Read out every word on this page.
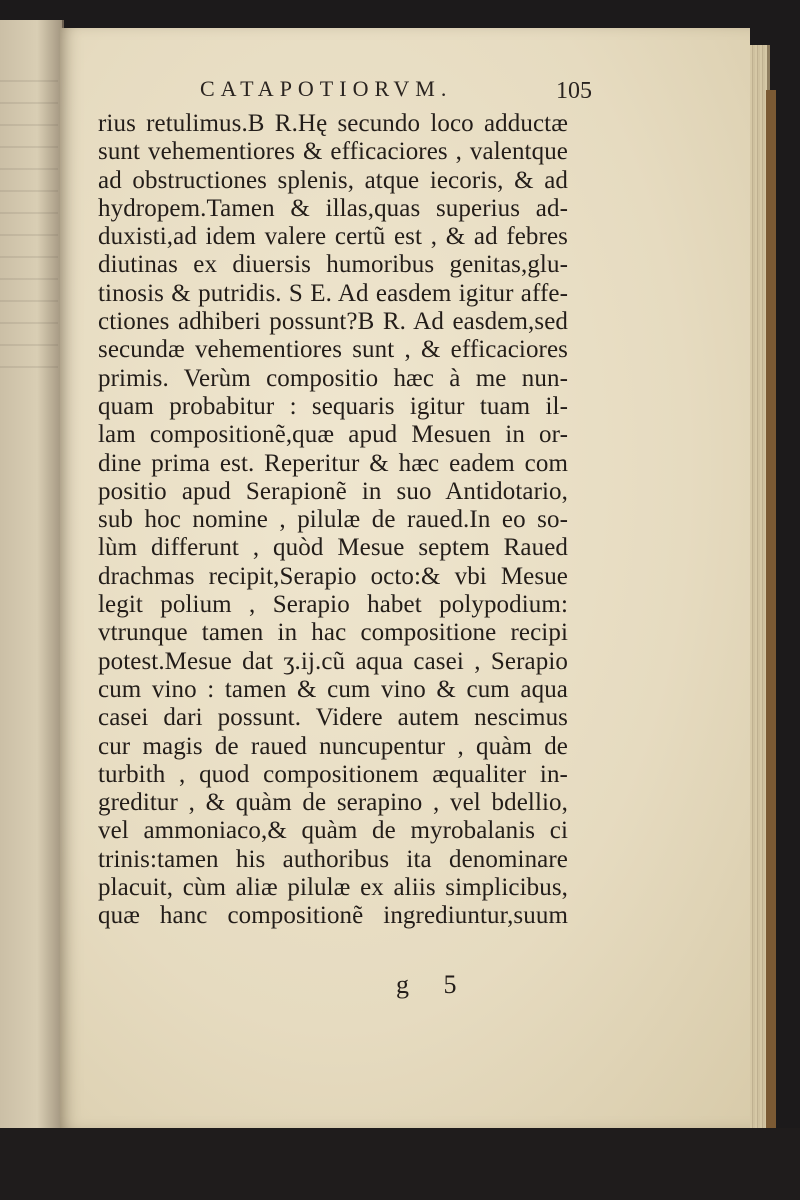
CATAPOTIORVM.	105
rius retulimus.B R.Hę secundo loco adductæ
sunt vehementiores & efficaciores , valentque
ad obstructiones splenis, atque iecoris, & ad
hydropem.Tamen & illas,quas superius ad-
duxisti,ad idem valere certũ est , & ad febres
diutinas ex diuersis humoribus genitas,glu-
tinosis & putridis. S E. Ad easdem igitur affe-
ctiones adhiberi possunt?B R. Ad easdem,sed
secundæ vehementiores sunt , & efficaciores
primis. Verùm compositio hæc à me nun-
quam probabitur : sequaris igitur tuam il-
lam compositionẽ,quæ apud Mesuen in or-
dine prima est. Reperitur & hæc eadem com
positio apud Serapionẽ in suo Antidotario,
sub hoc nomine , pilulæ de raued.In eo so-
lùm differunt , quòd Mesue septem Raued
drachmas recipit,Serapio octo:& vbi Mesue
legit polium , Serapio habet polypodium:
vtrunque tamen in hac compositione recipi
potest.Mesue dat ʒ.ij.cũ aqua casei , Serapio
cum vino : tamen & cum vino & cum aqua
casei dari possunt. Videre autem nescimus
cur magis de raued nuncupentur , quàm de
turbith , quod compositionem æqualiter in-
greditur , & quàm de serapino , vel bdellio,
vel ammoniaco,& quàm de myrobalanis ci
trinis:tamen his authoribus ita denominare
placuit, cùm aliæ pilulæ ex aliis simplicibus,
quæ hanc compositionẽ ingrediuntur,suum
g 5
